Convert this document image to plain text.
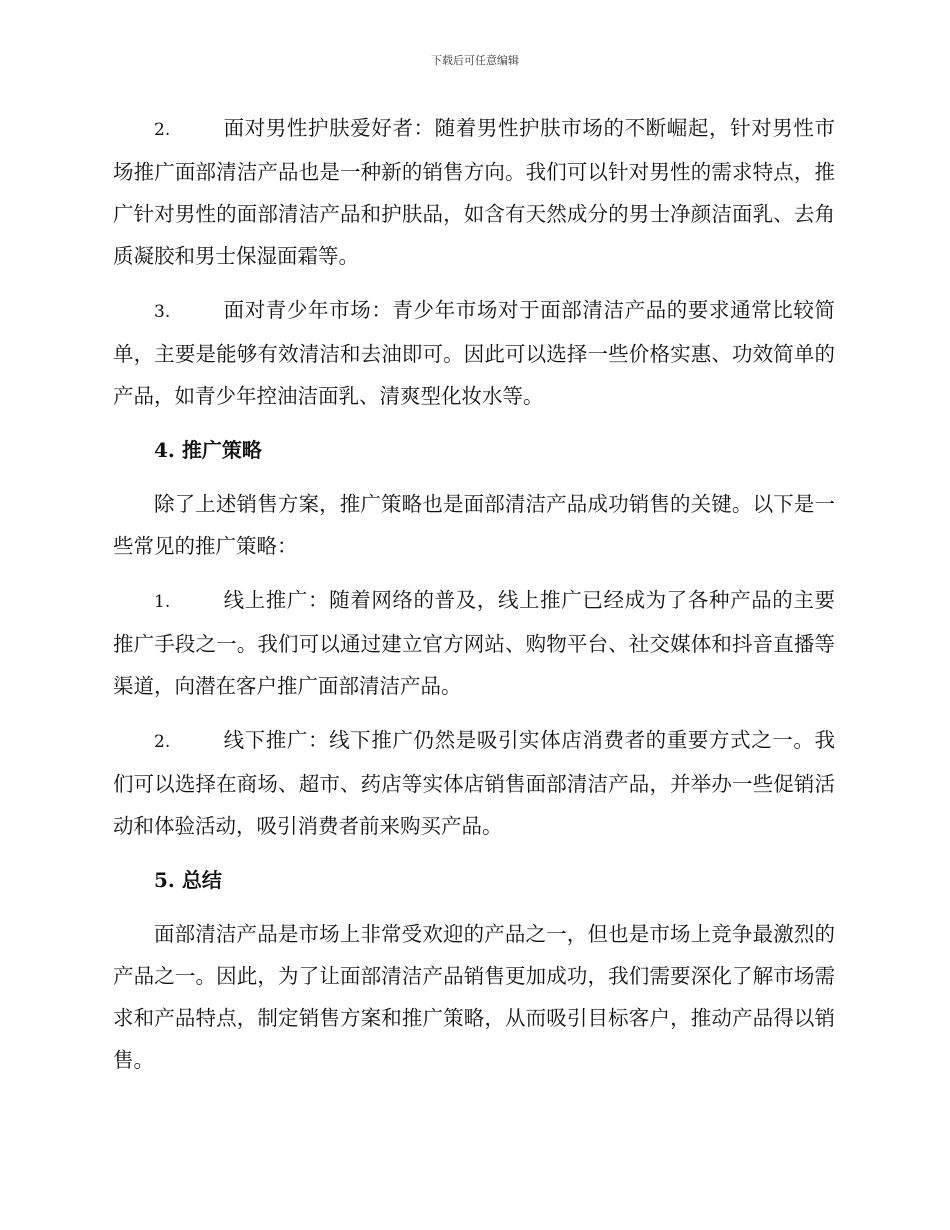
下载后可任意编辑

2.	面对男性护肤爱好者：随着男性护肤市场的不断崛起，针对男性市场推广面部清洁产品也是一种新的销售方向。我们可以针对男性的需求特点，推广针对男性的面部清洁产品和护肤品，如含有天然成分的男士净颜洁面乳、去角质凝胶和男士保湿面霜等。

3.	面对青少年市场：青少年市场对于面部清洁产品的要求通常比较简单，主要是能够有效清洁和去油即可。因此可以选择一些价格实惠、功效简单的产品，如青少年控油洁面乳、清爽型化妆水等。

4. 推广策略

除了上述销售方案，推广策略也是面部清洁产品成功销售的关键。以下是一些常见的推广策略：

1.	线上推广：随着网络的普及，线上推广已经成为了各种产品的主要推广手段之一。我们可以通过建立官方网站、购物平台、社交媒体和抖音直播等渠道，向潜在客户推广面部清洁产品。

2.	线下推广：线下推广仍然是吸引实体店消费者的重要方式之一。我们可以选择在商场、超市、药店等实体店销售面部清洁产品，并举办一些促销活动和体验活动，吸引消费者前来购买产品。

5. 总结

面部清洁产品是市场上非常受欢迎的产品之一，但也是市场上竞争最激烈的产品之一。因此，为了让面部清洁产品销售更加成功，我们需要深化了解市场需求和产品特点，制定销售方案和推广策略，从而吸引目标客户，推动产品得以销售。
